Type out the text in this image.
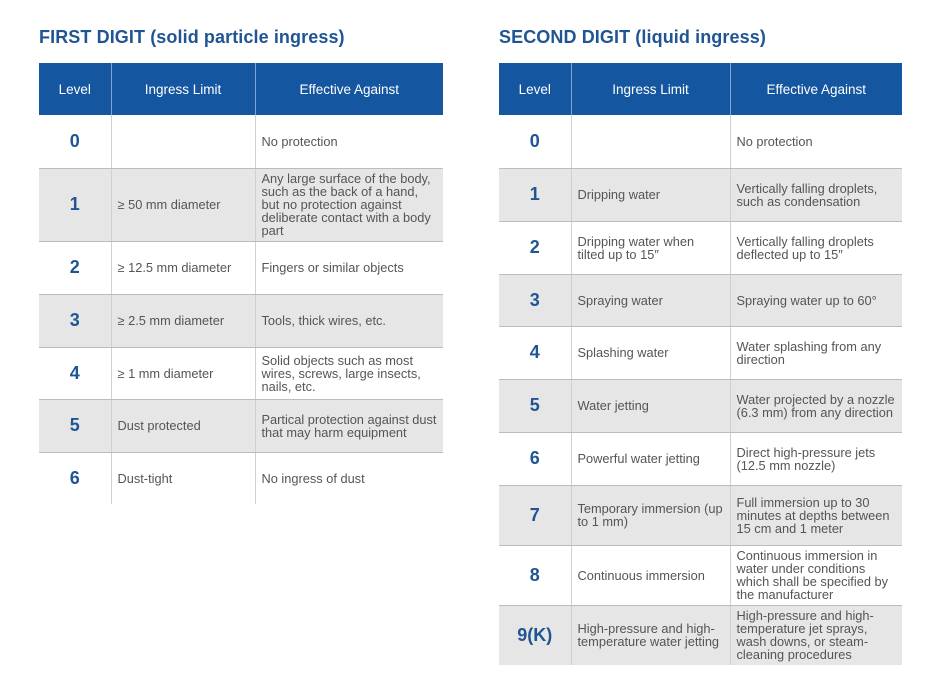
FIRST DIGIT (solid particle ingress)
Level	Ingress Limit	Effective Against
0		No protection
1	≥ 50 mm diameter	Any large surface of the body, such as the back of a hand, but no protection against deliberate contact with a body part
2	≥ 12.5 mm diameter	Fingers or similar objects
3	≥ 2.5 mm diameter	Tools, thick wires, etc.
4	≥ 1 mm diameter	Solid objects such as most wires, screws, large insects, nails, etc.
5	Dust protected	Partical protection against dust that may harm equipment
6	Dust-tight	No ingress of dust
SECOND DIGIT (liquid ingress)
Level	Ingress Limit	Effective Against
0		No protection
1	Dripping water	Vertically falling droplets, such as condensation
2	Dripping water when tilted up to 15″	Vertically falling droplets deflected up to 15″
3	Spraying water	Spraying water up to 60°
4	Splashing water	Water splashing from any direction
5	Water jetting	Water projected by a nozzle (6.3 mm) from any direction
6	Powerful water jetting	Direct high-pressure jets (12.5 mm nozzle)
7	Temporary immersion (up to 1 mm)	Full immersion up to 30 minutes at depths between 15 cm and 1 meter
8	Continuous immersion	Continuous immersion in water under conditions which shall be specified by the manufacturer
9(K)	High-pressure and high-temperature water jetting	High-pressure and high-temperature jet sprays, wash downs, or steam-cleaning procedures
